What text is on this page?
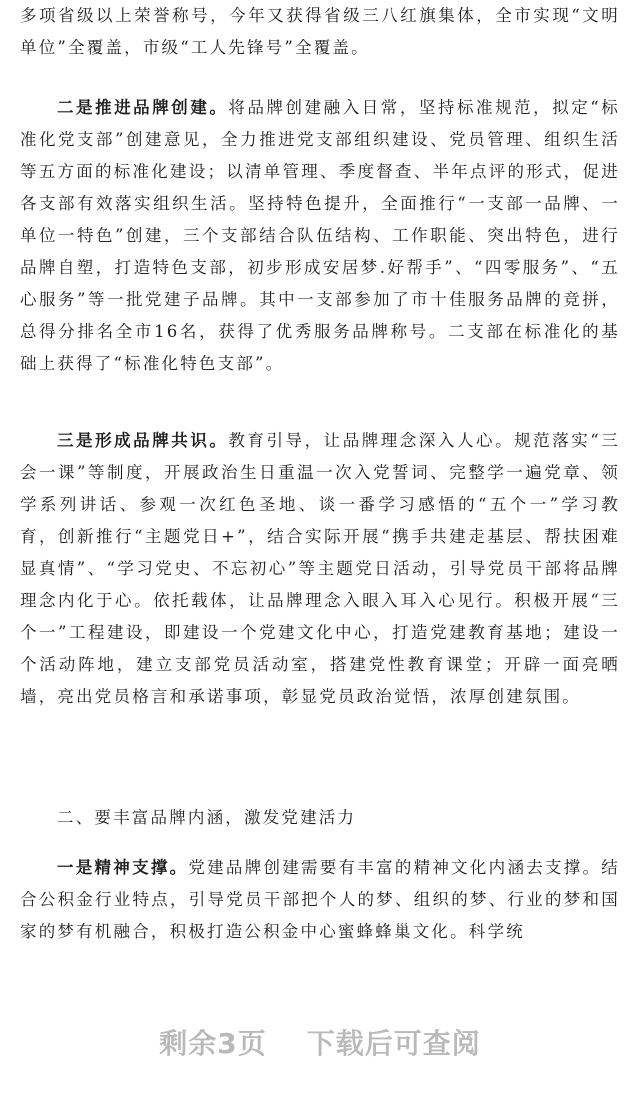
多项省级以上荣誉称号，今年又获得省级三八红旗集体，全市实现“文明单位”全覆盖，市级“工人先锋号”全覆盖。

二是推进品牌创建。将品牌创建融入日常，坚持标准规范，拟定“标准化党支部”创建意见，全力推进党支部组织建设、党员管理、组织生活等五方面的标准化建设；以清单管理、季度督查、半年点评的形式，促进各支部有效落实组织生活。坚持特色提升，全面推行“一支部一品牌、一单位一特色”创建，三个支部结合队伍结构、工作职能、突出特色，进行品牌自塑，打造特色支部，初步形成安居梦.好帮手”、“四零服务”、“五心服务”等一批党建子品牌。其中一支部参加了市十佳服务品牌的竞拼，总得分排名全市16名，获得了优秀服务品牌称号。二支部在标准化的基础上获得了“标准化特色支部”。

三是形成品牌共识。教育引导，让品牌理念深入人心。规范落实“三会一课”等制度，开展政治生日重温一次入党誓词、完整学一遍党章、领学系列讲话、参观一次红色圣地、谈一番学习感悟的“五个一”学习教育，创新推行“主题党日+”，结合实际开展“携手共建走基层、帮扶困难显真情”、“学习党史、不忘初心”等主题党日活动，引导党员干部将品牌理念内化于心。依托载体，让品牌理念入眼入耳入心见行。积极开展“三个一”工程建设，即建设一个党建文化中心，打造党建教育基地；建设一个活动阵地，建立支部党员活动室，搭建党性教育课堂；开辟一面亮晒墙，亮出党员格言和承诺事项，彰显党员政治觉悟，浓厚创建氛围。

二、要丰富品牌内涵，激发党建活力

一是精神支撑。党建品牌创建需要有丰富的精神文化内涵去支撑。结合公积金行业特点，引导党员干部把个人的梦、组织的梦、行业的梦和国家的梦有机融合，积极打造公积金中心蜜蜂蜂巢文化。科学统

剩余3页 下载后可查阅
